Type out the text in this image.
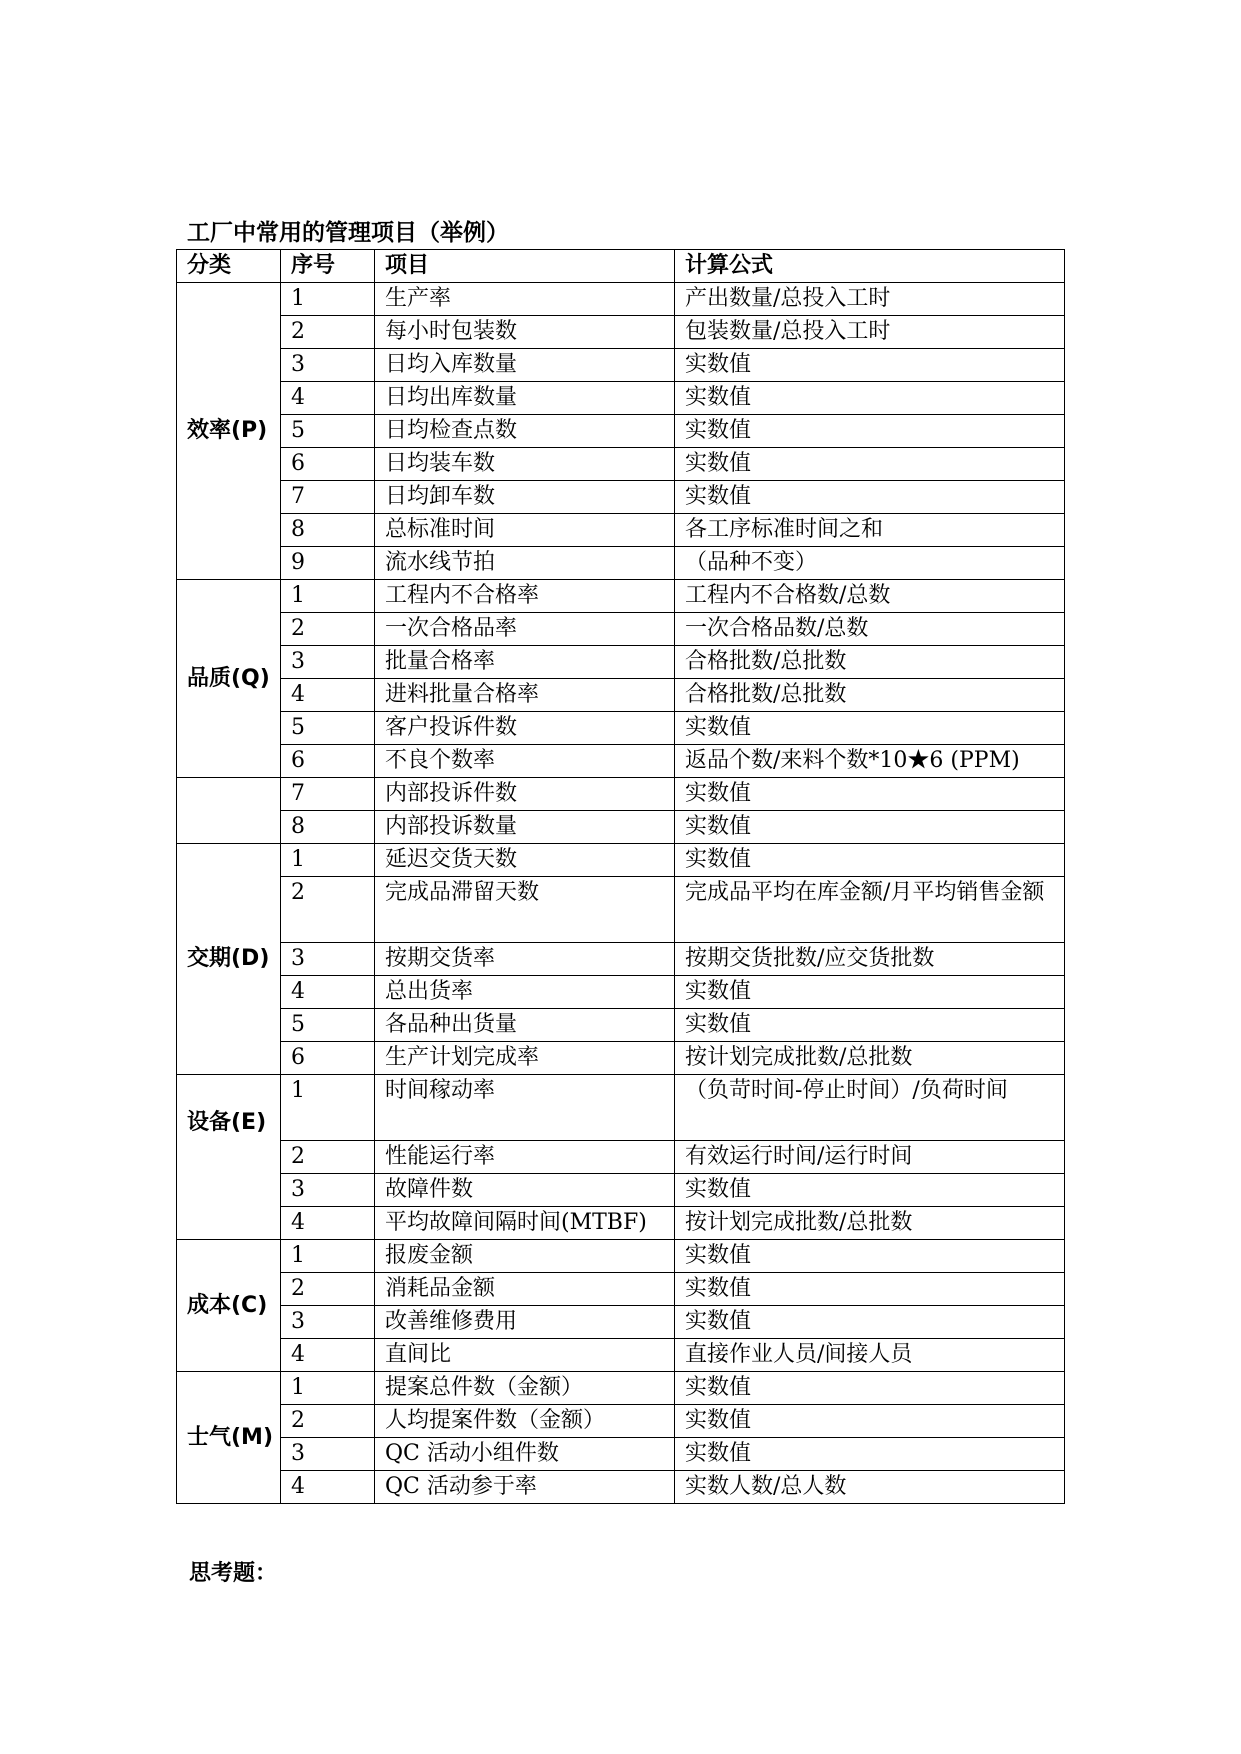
工厂中常用的管理项目（举例）
分类	序号	项目	计算公式
效率(P)	1	生产率	产出数量/总投入工时
	2	每小时包装数	包装数量/总投入工时
	3	日均入库数量	实数值
	4	日均出库数量	实数值
	5	日均检查点数	实数值
	6	日均装车数	实数值
	7	日均卸车数	实数值
	8	总标准时间	各工序标准时间之和
	9	流水线节拍	（品种不变）
品质(Q)	1	工程内不合格率	工程内不合格数/总数
	2	一次合格品率	一次合格品数/总数
	3	批量合格率	合格批数/总批数
	4	进料批量合格率	合格批数/总批数
	5	客户投诉件数	实数值
	6	不良个数率	返品个数/来料个数*10★6 (PPM)
	7	内部投诉件数	实数值
	8	内部投诉数量	实数值
交期(D)	1	延迟交货天数	实数值
	2	完成品滞留天数	完成品平均在库金额/月平均销售金额
	3	按期交货率	按期交货批数/应交货批数
	4	总出货率	实数值
	5	各品种出货量	实数值
	6	生产计划完成率	按计划完成批数/总批数
设备(E)	1	时间稼动率	（负苛时间-停止时间）/负荷时间
	2	性能运行率	有效运行时间/运行时间
	3	故障件数	实数值
	4	平均故障间隔时间(MTBF)	按计划完成批数/总批数
成本(C)	1	报废金额	实数值
	2	消耗品金额	实数值
	3	改善维修费用	实数值
	4	直间比	直接作业人员/间接人员
士气(M)	1	提案总件数（金额）	实数值
	2	人均提案件数（金额）	实数值
	3	QC 活动小组件数	实数值
	4	QC 活动参于率	实数人数/总人数
思考题：
